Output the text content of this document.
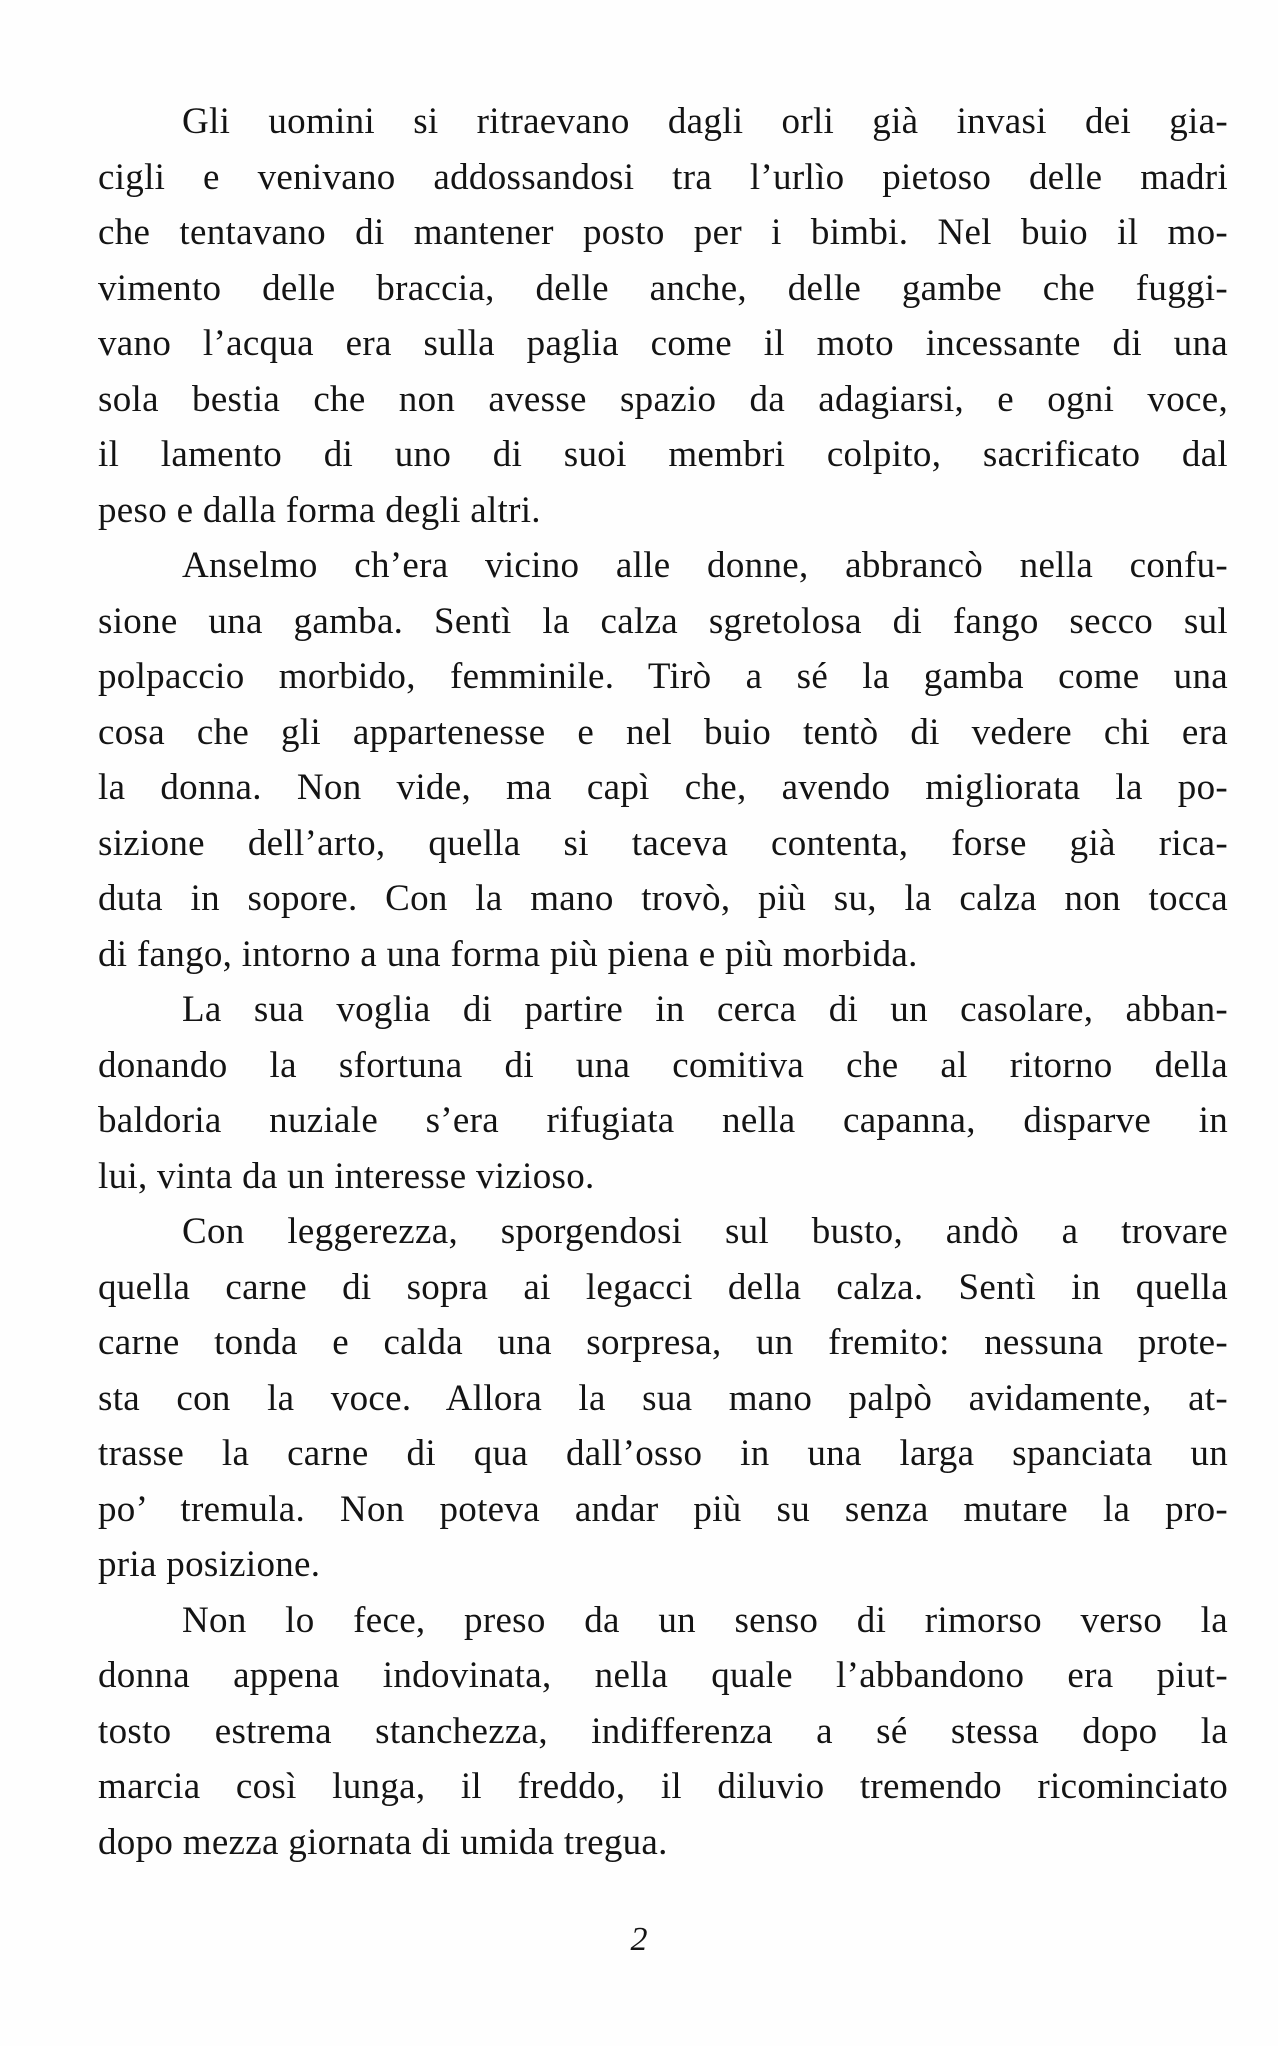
Gli uomini si ritraevano dagli orli già invasi dei gia-
cigli e venivano addossandosi tra l’urlìo pietoso delle madri
che tentavano di mantener posto per i bimbi. Nel buio il mo-
vimento delle braccia, delle anche, delle gambe che fuggi-
vano l’acqua era sulla paglia come il moto incessante di una
sola bestia che non avesse spazio da adagiarsi, e ogni voce,
il lamento di uno di suoi membri colpito, sacrificato dal
peso e dalla forma degli altri.
Anselmo ch’era vicino alle donne, abbrancò nella confu-
sione una gamba. Sentì la calza sgretolosa di fango secco sul
polpaccio morbido, femminile. Tirò a sé la gamba come una
cosa che gli appartenesse e nel buio tentò di vedere chi era
la donna. Non vide, ma capì che, avendo migliorata la po-
sizione dell’arto, quella si taceva contenta, forse già rica-
duta in sopore. Con la mano trovò, più su, la calza non tocca
di fango, intorno a una forma più piena e più morbida.
La sua voglia di partire in cerca di un casolare, abban-
donando la sfortuna di una comitiva che al ritorno della
baldoria nuziale s’era rifugiata nella capanna, disparve in
lui, vinta da un interesse vizioso.
Con leggerezza, sporgendosi sul busto, andò a trovare
quella carne di sopra ai legacci della calza. Sentì in quella
carne tonda e calda una sorpresa, un fremito: nessuna prote-
sta con la voce. Allora la sua mano palpò avidamente, at-
trasse la carne di qua dall’osso in una larga spanciata un
po’ tremula. Non poteva andar più su senza mutare la pro-
pria posizione.
Non lo fece, preso da un senso di rimorso verso la
donna appena indovinata, nella quale l’abbandono era piut-
tosto estrema stanchezza, indifferenza a sé stessa dopo la
marcia così lunga, il freddo, il diluvio tremendo ricominciato
dopo mezza giornata di umida tregua.
2
